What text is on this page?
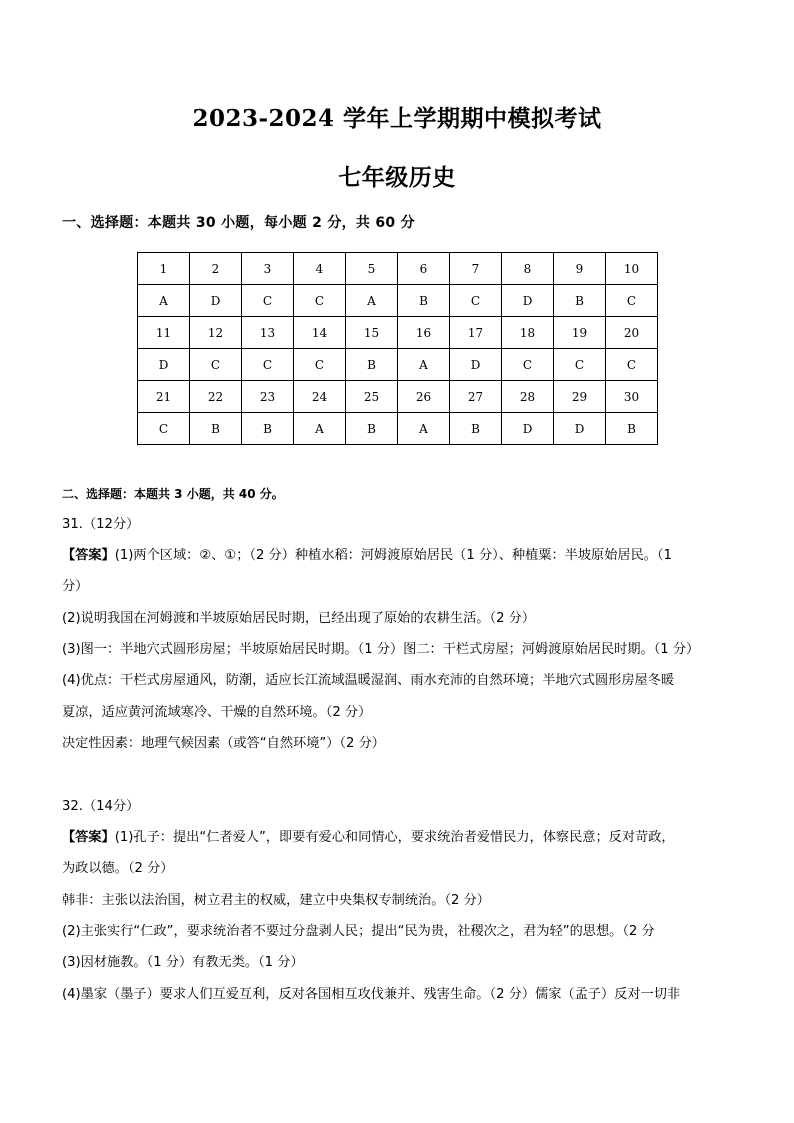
2023-2024 学年上学期期中模拟考试
七年级历史
一、选择题：本题共 30 小题，每小题 2 分，共 60 分
1	2	3	4	5	6	7	8	9	10
A	D	C	C	A	B	C	D	B	C
11	12	13	14	15	16	17	18	19	20
D	C	C	C	B	A	D	C	C	C
21	22	23	24	25	26	27	28	29	30
C	B	B	A	B	A	B	D	D	B
二、选择题：本题共 3 小题，共 40 分。
31.（12分）
【答案】(1)两个区域：②、①；（2 分）种植水稻：河姆渡原始居民（1 分）、种植粟：半坡原始居民。（1
分）
(2)说明我国在河姆渡和半坡原始居民时期，已经出现了原始的农耕生活。（2 分）
(3)图一：半地穴式圆形房屋；半坡原始居民时期。（1 分）图二：干栏式房屋；河姆渡原始居民时期。（1 分）
(4)优点：干栏式房屋通风，防潮，适应长江流域温暖湿润、雨水充沛的自然环境；半地穴式圆形房屋冬暖
夏凉，适应黄河流域寒冷、干燥的自然环境。（2 分）
决定性因素：地理气候因素（或答“自然环境”）（2 分）
32.（14分）
【答案】(1)孔子：提出“仁者爱人”，即要有爱心和同情心，要求统治者爱惜民力，体察民意；反对苛政，
为政以德。（2 分）
韩非：主张以法治国，树立君主的权威，建立中央集权专制统治。（2 分）
(2)主张实行“仁政”，要求统治者不要过分盘剥人民；提出“民为贵，社稷次之，君为轻”的思想。（2 分
(3)因材施教。（1 分）有教无类。（1 分）
(4)墨家（墨子）要求人们互爱互利，反对各国相互攻伐兼并、残害生命。（2 分）儒家（孟子）反对一切非
